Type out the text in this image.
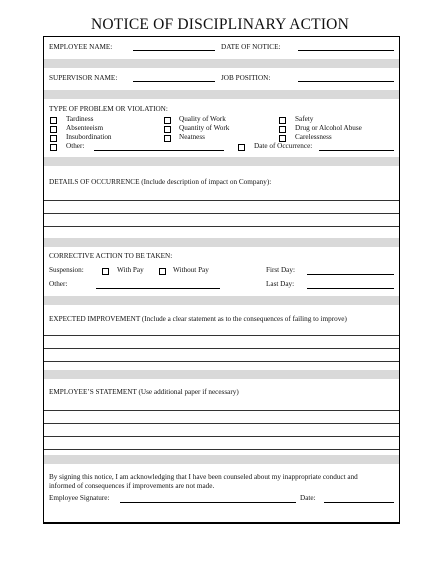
NOTICE OF DISCIPLINARY ACTION
EMPLOYEE NAME:	DATE OF NOTICE:
SUPERVISOR NAME:	JOB POSITION:
TYPE OF PROBLEM OR VIOLATION:
Tardiness
Absenteeism
Insubordination
Other:
Quality of Work
Quantity of Work
Neatness
Safety
Drug or Alcohol Abuse
Carelessness
Date of Occurrence:
DETAILS OF OCCURRENCE (Include description of impact on Company):
CORRECTIVE ACTION TO BE TAKEN:
Suspension:	With Pay	Without Pay	First Day:
Other:	Last Day:
EXPECTED IMPROVEMENT (Include a clear statement as to the consequences of failing to improve)
EMPLOYEE’S STATEMENT (Use additional paper if necessary)
By signing this notice, I am acknowledging that I have been counseled about my inappropriate conduct and
informed of consequences if improvements are not made.
Employee Signature:	Date:
